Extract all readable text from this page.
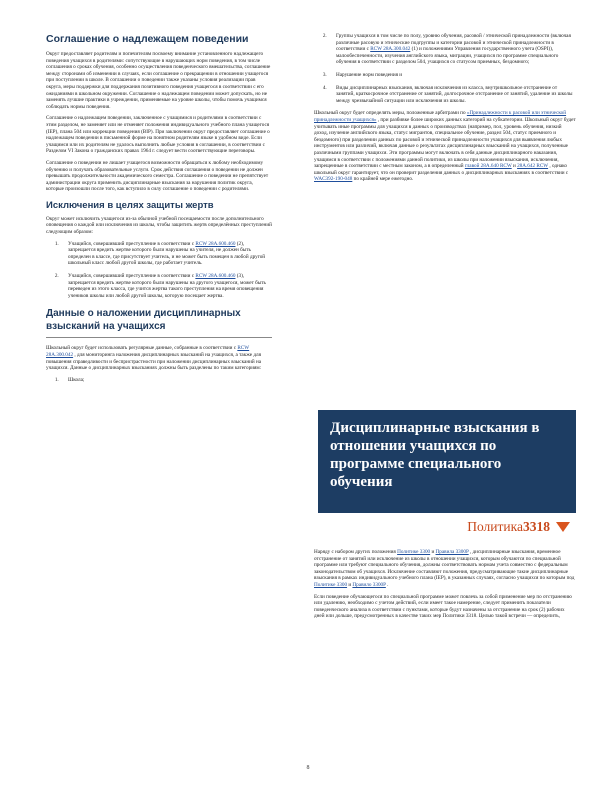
Соглашение о надлежащем поведении

Округ предоставляет родителям и попечителям посвоему внимание установленного надлежащего поведения учащихся в родителями: сопутствующие в нарушающих норм поведения, в том числе соглашения о сроках обучения, особенно осуществления поведенческого вмешательства, соглашение между сторонами об изменении в случаях, если соглашение о прекращении в отношении учащегося при поступлении в школе. В соглашении о поведении также указаны условия реализации прав округа, меры поддержки для поддержания позитивного поведения учащегося в соответствии с его ожиданиями в школьном окружении. Соглашение о надлежащем поведении может допускать, но не заменять лучшие практики в учреждении, применяемые на уровне школы, чтобы помочь учащимся соблюдать нормы поведения.

Соглашение о надлежащем поведении, заключенное с учащимися и родителями в соответствии с этим разделом, не заменяет или не отменяет положения индивидуального учебного плана учащегося (IEP), плана 504 или коррекции поведения (BIP). При заключении округ предоставляет соглашение о надлежащем поведении в письменной форме на понятном родителям языке в удобном виде. Если учащимся или их родителям не удалось выполнить любые условия в соглашении, в соответствии с Разделом VI Закона о гражданских правах 1964 г. следует вести соответствующие переговоры.

Соглашение о поведении не лишает учащегося возможности обращаться к любому необходимому обучению и получать образовательные услуги. Срок действия соглашения о поведении не должен превышать продолжительности академического семестра. Соглашение о поведении не препятствует администрации округа применить дисциплинарные взыскания за нарушения политик округа, которые произошли после того, как вступило в силу соглашение о поведении с родителями.

Исключения в целях защиты жертв

Округ может исключить учащегося из-за обычной учебной посещаемости после дополнительного оповещения о каждой или исключения из школы, чтобы защитить жертв определённых преступлений следующим образом:

1. Учащийся, совершивший преступление в соответствии с RCW 28A.600.460 (2), запрещается вредить жертве которого были нарушены на учителя, не должен быть определен в классе, где присутствует учитель, и не может быть помещен в любой другой школьный класс любой другой школы, где работает учитель.
2. Учащийся, совершивший преступление в соответствии с RCW 28A.600.460 (3), запрещается вредить жертве которого были нарушены на другого учащегося, может быть переведен из этого класса, где учится жертва такого преступления на время оповещения учеников школы или любой другой школы, которую посещает жертва.
Данные о наложении дисциплинарных взысканий на учащихся

Школьный округ будет использовать регулярные данные, собранные в соответствии с RCW 28A.300.042 , для мониторинга наложения дисциплинарных взысканий на учащихся, а также для повышения справедливости и беспристрастности при наложении дисциплинарных взысканий на учащихся. Данные о дисциплинарных взысканиях должны быть разделены по таким категориям:

1. Школа;
2. Группы учащихся в том числе по полу, уровню обучения, расовой / этнической принадлежности (включая различные расовую и этнические подгруппы и категории расовой и этнической принадлежности в соответствии с RCW 28A.300.042 (1) и положениями Управления государственного учета (OSPI)), малообеспеченности, изучения английского языка, миграции, учащихся по программе специального обучения в соответствии с разделом 504, учащихся со статусом приемных, бездомного;
3. Нарушение норм поведения и
4. Виды дисциплинарных взыскания, включая исключения из класса, внутришкольное отстранение от занятий, краткосрочное отстранение от занятий, долгосрочное отстранение от занятий, удаление из школы между чрезвычайной ситуации или исключения из школы.

Школьный округ будет определять меры, положенные арбитрами по «Принадлежности к расовой или этнической принадлежности учащихся» , при разбивке более широких данных категорий на субкатегории. Школьный округ будет учитывать иные программы для учащихся в данных о производствах (например, пол, уровень обучения, низкий доход, изучение английского языка, статус мигрантов, специальное обучение, раздел 504, статус приемного и бездомного) при разделении данных по расовой и этнической принадлежности учащихся для выявления любых инструментов или различий, включая данные о результатах дисциплинарных взысканий на учащихся, полученные различными группами учащихся. Эти программы могут включать в себя данные дисциплинарного наказания, учащимся в соответствии с положениями данной политики, из школы при наложении взыскания, исключения, запрещенные в соответствии с местным законом, а в определенный главой 28A.640 RCW и 28A.642 RCW , однако школьный округ гарантирует, что он проверит разделения данных о дисциплинарных взысканиях в соответствии с WAC392-190-048 по крайней мере ежегодно.

Дисциплинарные взыскания в отношении учащихся по программе специального обучения
Политика3318

Наряду с набором других положения Политике 3300 и Правила 3300P , дисциплинарные взыскания, временное отстранение от занятий или исключение из школы в отношении учащихся, которым обучаются по специальной программе или требуют специального обучения, должны соответствовать нормам учета совместно с федеральным законодательством об учащихся. Исключение составляют положения, предусматривающие такие дисциплинарные взыскания в рамках индивидуального учебного плана (IEP), в указанных случаях, согласно учащихся по которым под Политике 3300 и Правило 3300P .

Если поведение обучающегося по специальной программе может повлечь за собой применение мер по отстранению или удалению, необходимо с учетом действий, если имеет такое намерение, следует применить показатели поведенческого анализа в соответствии с пунктами, которые будут назначены за отстранение на срок (2) рабочих дней или дольше, предусмотренных в качестве таких мер Политики 3318. Целью такой встречи — определить,

8
